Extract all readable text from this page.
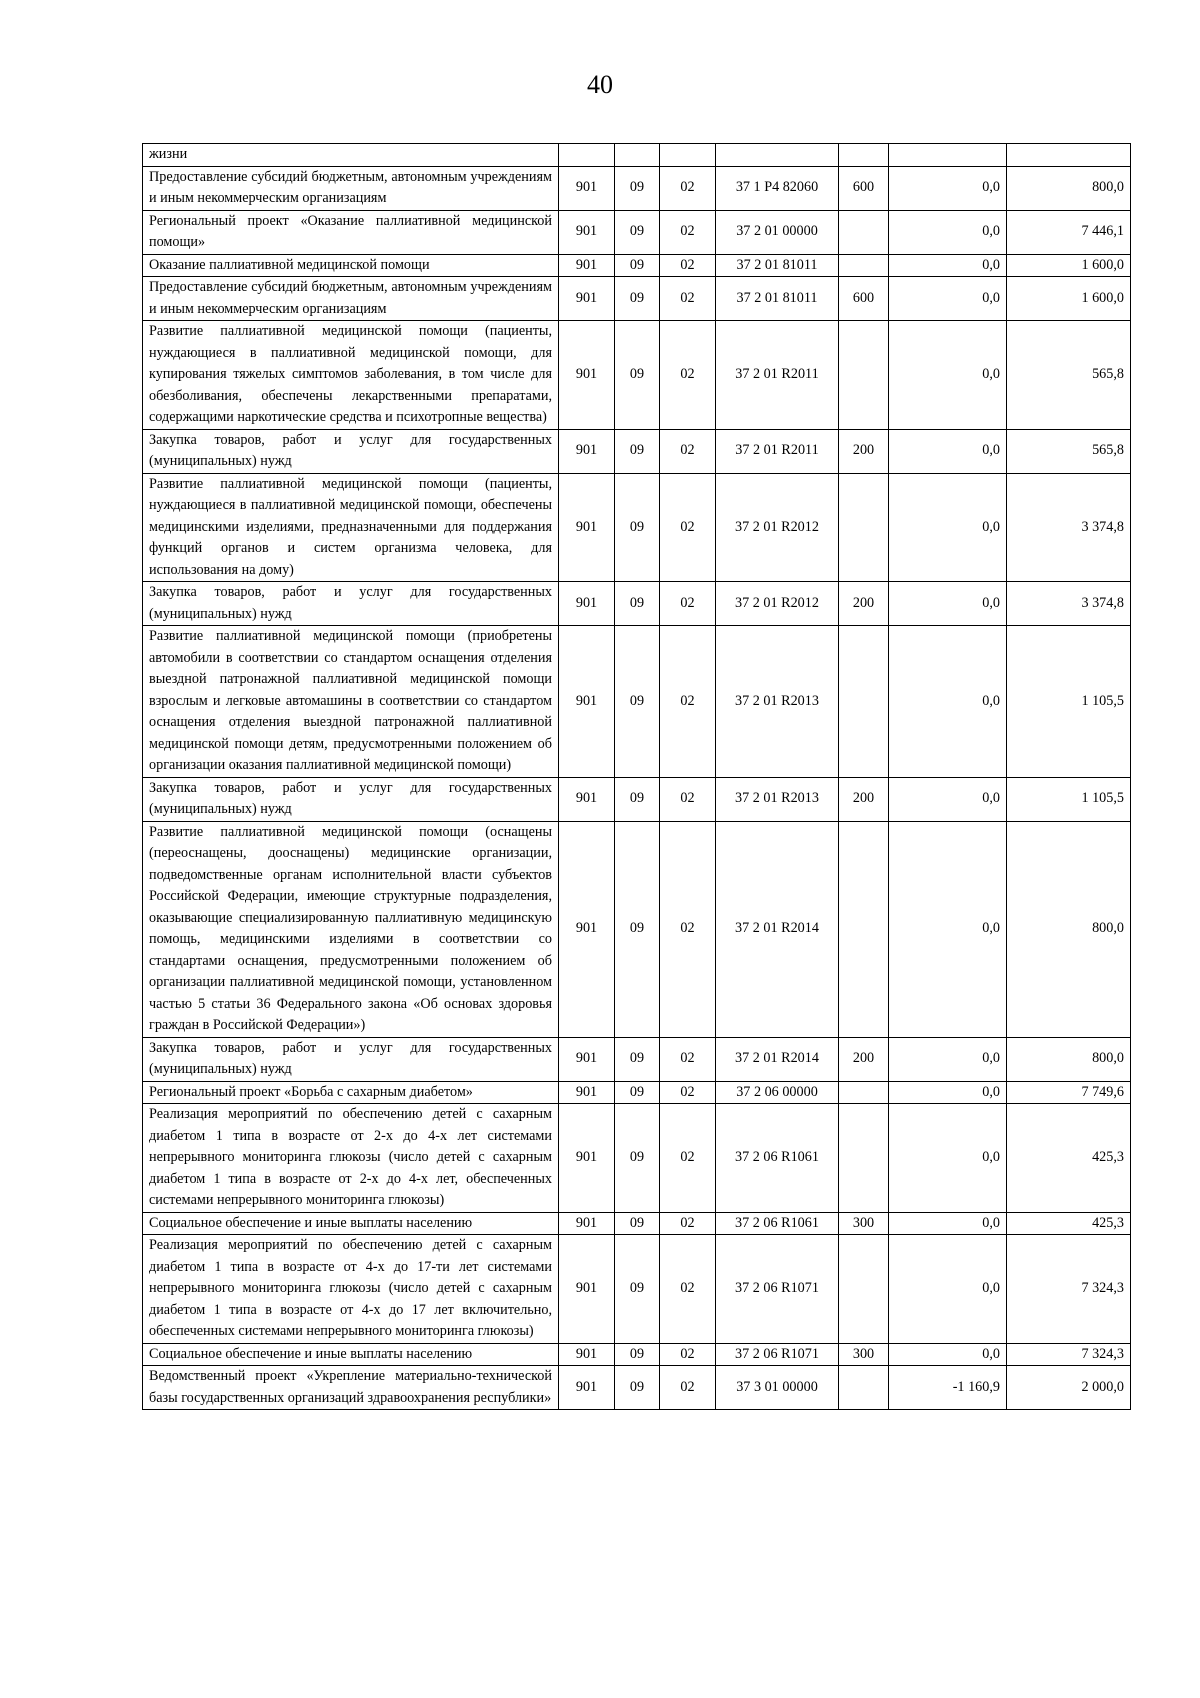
40
жизни							
Предоставление субсидий бюджетным, автономным учреждениям и иным некоммерческим организациям	901	09	02	37 1 Р4 82060	600	0,0	800,0
Региональный проект «Оказание паллиативной медицинской помощи»	901	09	02	37 2 01 00000		0,0	7 446,1
Оказание паллиативной медицинской помощи	901	09	02	37 2 01 81011		0,0	1 600,0
Предоставление субсидий бюджетным, автономным учреждениям и иным некоммерческим организациям	901	09	02	37 2 01 81011	600	0,0	1 600,0
Развитие паллиативной медицинской помощи (пациенты, нуждающиеся в паллиативной медицинской помощи, для купирования тяжелых симптомов заболевания, в том числе для обезболивания, обеспечены лекарственными препаратами, содержащими наркотические средства и психотропные вещества)	901	09	02	37 2 01 R2011		0,0	565,8
Закупка товаров, работ и услуг для государственных (муниципальных) нужд	901	09	02	37 2 01 R2011	200	0,0	565,8
Развитие паллиативной медицинской помощи (пациенты, нуждающиеся в паллиативной медицинской помощи, обеспечены медицинскими изделиями, предназначенными для поддержания функций органов и систем организма человека, для использования на дому)	901	09	02	37 2 01 R2012		0,0	3 374,8
Закупка товаров, работ и услуг для государственных (муниципальных) нужд	901	09	02	37 2 01 R2012	200	0,0	3 374,8
Развитие паллиативной медицинской помощи (приобретены автомобили в соответствии со стандартом оснащения отделения выездной патронажной паллиативной медицинской помощи взрослым и легковые автомашины в соответствии со стандартом оснащения отделения выездной патронажной паллиативной медицинской помощи детям, предусмотренными положением об организации оказания паллиативной медицинской помощи)	901	09	02	37 2 01 R2013		0,0	1 105,5
Закупка товаров, работ и услуг для государственных (муниципальных) нужд	901	09	02	37 2 01 R2013	200	0,0	1 105,5
Развитие паллиативной медицинской помощи (оснащены (переоснащены, дооснащены) медицинские организации, подведомственные органам исполнительной власти субъектов Российской Федерации, имеющие структурные подразделения, оказывающие специализированную паллиативную медицинскую помощь, медицинскими изделиями в соответствии со стандартами оснащения, предусмотренными положением об организации паллиативной медицинской помощи, установленном частью 5 статьи 36 Федерального закона «Об основах здоровья граждан в Российской Федерации»)	901	09	02	37 2 01 R2014		0,0	800,0
Закупка товаров, работ и услуг для государственных (муниципальных) нужд	901	09	02	37 2 01 R2014	200	0,0	800,0
Региональный проект «Борьба с сахарным диабетом»	901	09	02	37 2 06 00000		0,0	7 749,6
Реализация мероприятий по обеспечению детей с сахарным диабетом 1 типа в возрасте от 2-х до 4-х лет системами непрерывного мониторинга глюкозы (число детей с сахарным диабетом 1 типа в возрасте от 2-х до 4-х лет, обеспеченных системами непрерывного мониторинга глюкозы)	901	09	02	37 2 06 R1061		0,0	425,3
Социальное обеспечение и иные выплаты населению	901	09	02	37 2 06 R1061	300	0,0	425,3
Реализация мероприятий по обеспечению детей с сахарным диабетом 1 типа в возрасте от 4-х до 17-ти лет системами непрерывного мониторинга глюкозы (число детей с сахарным диабетом 1 типа в возрасте от 4-х до 17 лет включительно, обеспеченных системами непрерывного мониторинга глюкозы)	901	09	02	37 2 06 R1071		0,0	7 324,3
Социальное обеспечение и иные выплаты населению	901	09	02	37 2 06 R1071	300	0,0	7 324,3
Ведомственный проект «Укрепление материально-технической базы государственных организаций здравоохранения республики»	901	09	02	37 3 01 00000		-1 160,9	2 000,0
